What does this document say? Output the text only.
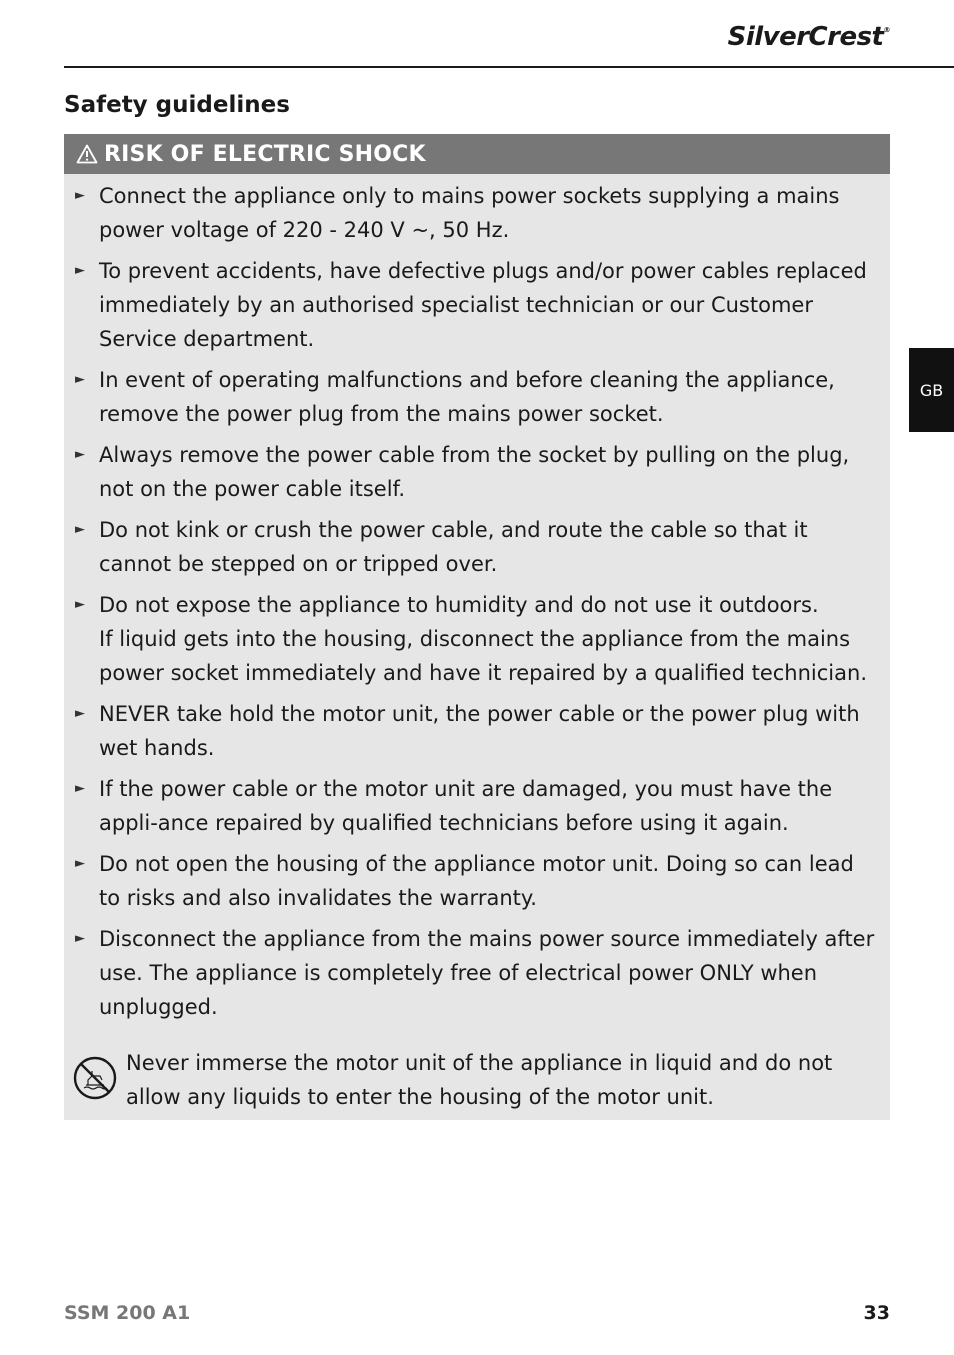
SilverCrest®
Safety guidelines
RISK OF ELECTRIC SHOCK
► Connect the appliance only to mains power sockets supplying a mains power voltage of 220 - 240 V ~, 50 Hz.
► To prevent accidents, have defective plugs and/or power cables replaced immediately by an authorised specialist technician or our Customer Service department.
► In event of operating malfunctions and before cleaning the appliance, remove the power plug from the mains power socket.
► Always remove the power cable from the socket by pulling on the plug, not on the power cable itself.
► Do not kink or crush the power cable, and route the cable so that it cannot be stepped on or tripped over.
► Do not expose the appliance to humidity and do not use it outdoors.
If liquid gets into the housing, disconnect the appliance from the mains power socket immediately and have it repaired by a qualified technician.
► NEVER take hold the motor unit, the power cable or the power plug with wet hands.
► If the power cable or the motor unit are damaged, you must have the appli-ance repaired by qualified technicians before using it again.
► Do not open the housing of the appliance motor unit. Doing so can lead to risks and also invalidates the warranty.
► Disconnect the appliance from the mains power source immediately after use. The appliance is completely free of electrical power ONLY when unplugged.
Never immerse the motor unit of the appliance in liquid and do not allow any liquids to enter the housing of the motor unit.
GB
SSM 200 A1	33
